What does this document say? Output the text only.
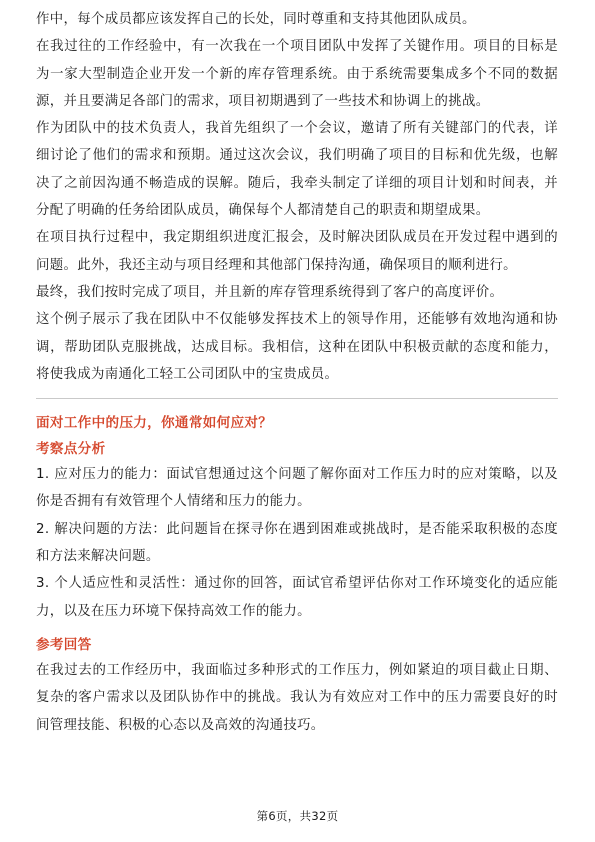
作中，每个成员都应该发挥自己的长处，同时尊重和支持其他团队成员。

在我过往的工作经验中，有一次我在一个项目团队中发挥了关键作用。项目的目标是为一家大型制造企业开发一个新的库存管理系统。由于系统需要集成多个不同的数据源，并且要满足各部门的需求，项目初期遇到了一些技术和协调上的挑战。

作为团队中的技术负责人，我首先组织了一个会议，邀请了所有关键部门的代表，详细讨论了他们的需求和预期。通过这次会议，我们明确了项目的目标和优先级，也解决了之前因沟通不畅造成的误解。随后，我牵头制定了详细的项目计划和时间表，并分配了明确的任务给团队成员，确保每个人都清楚自己的职责和期望成果。

在项目执行过程中，我定期组织进度汇报会，及时解决团队成员在开发过程中遇到的问题。此外，我还主动与项目经理和其他部门保持沟通，确保项目的顺利进行。

最终，我们按时完成了项目，并且新的库存管理系统得到了客户的高度评价。

这个例子展示了我在团队中不仅能够发挥技术上的领导作用，还能够有效地沟通和协调，帮助团队克服挑战，达成目标。我相信，这种在团队中积极贡献的态度和能力，将使我成为南通化工轻工公司团队中的宝贵成员。

面对工作中的压力，你通常如何应对？

考察点分析

1. 应对压力的能力：面试官想通过这个问题了解你面对工作压力时的应对策略，以及你是否拥有有效管理个人情绪和压力的能力。
2. 解决问题的方法：此问题旨在探寻你在遇到困难或挑战时，是否能采取积极的态度和方法来解决问题。
3. 个人适应性和灵活性：通过你的回答，面试官希望评估你对工作环境变化的适应能力，以及在压力环境下保持高效工作的能力。

参考回答

在我过去的工作经历中，我面临过多种形式的工作压力，例如紧迫的项目截止日期、复杂的客户需求以及团队协作中的挑战。我认为有效应对工作中的压力需要良好的时间管理技能、积极的心态以及高效的沟通技巧。

第6页，共32页
